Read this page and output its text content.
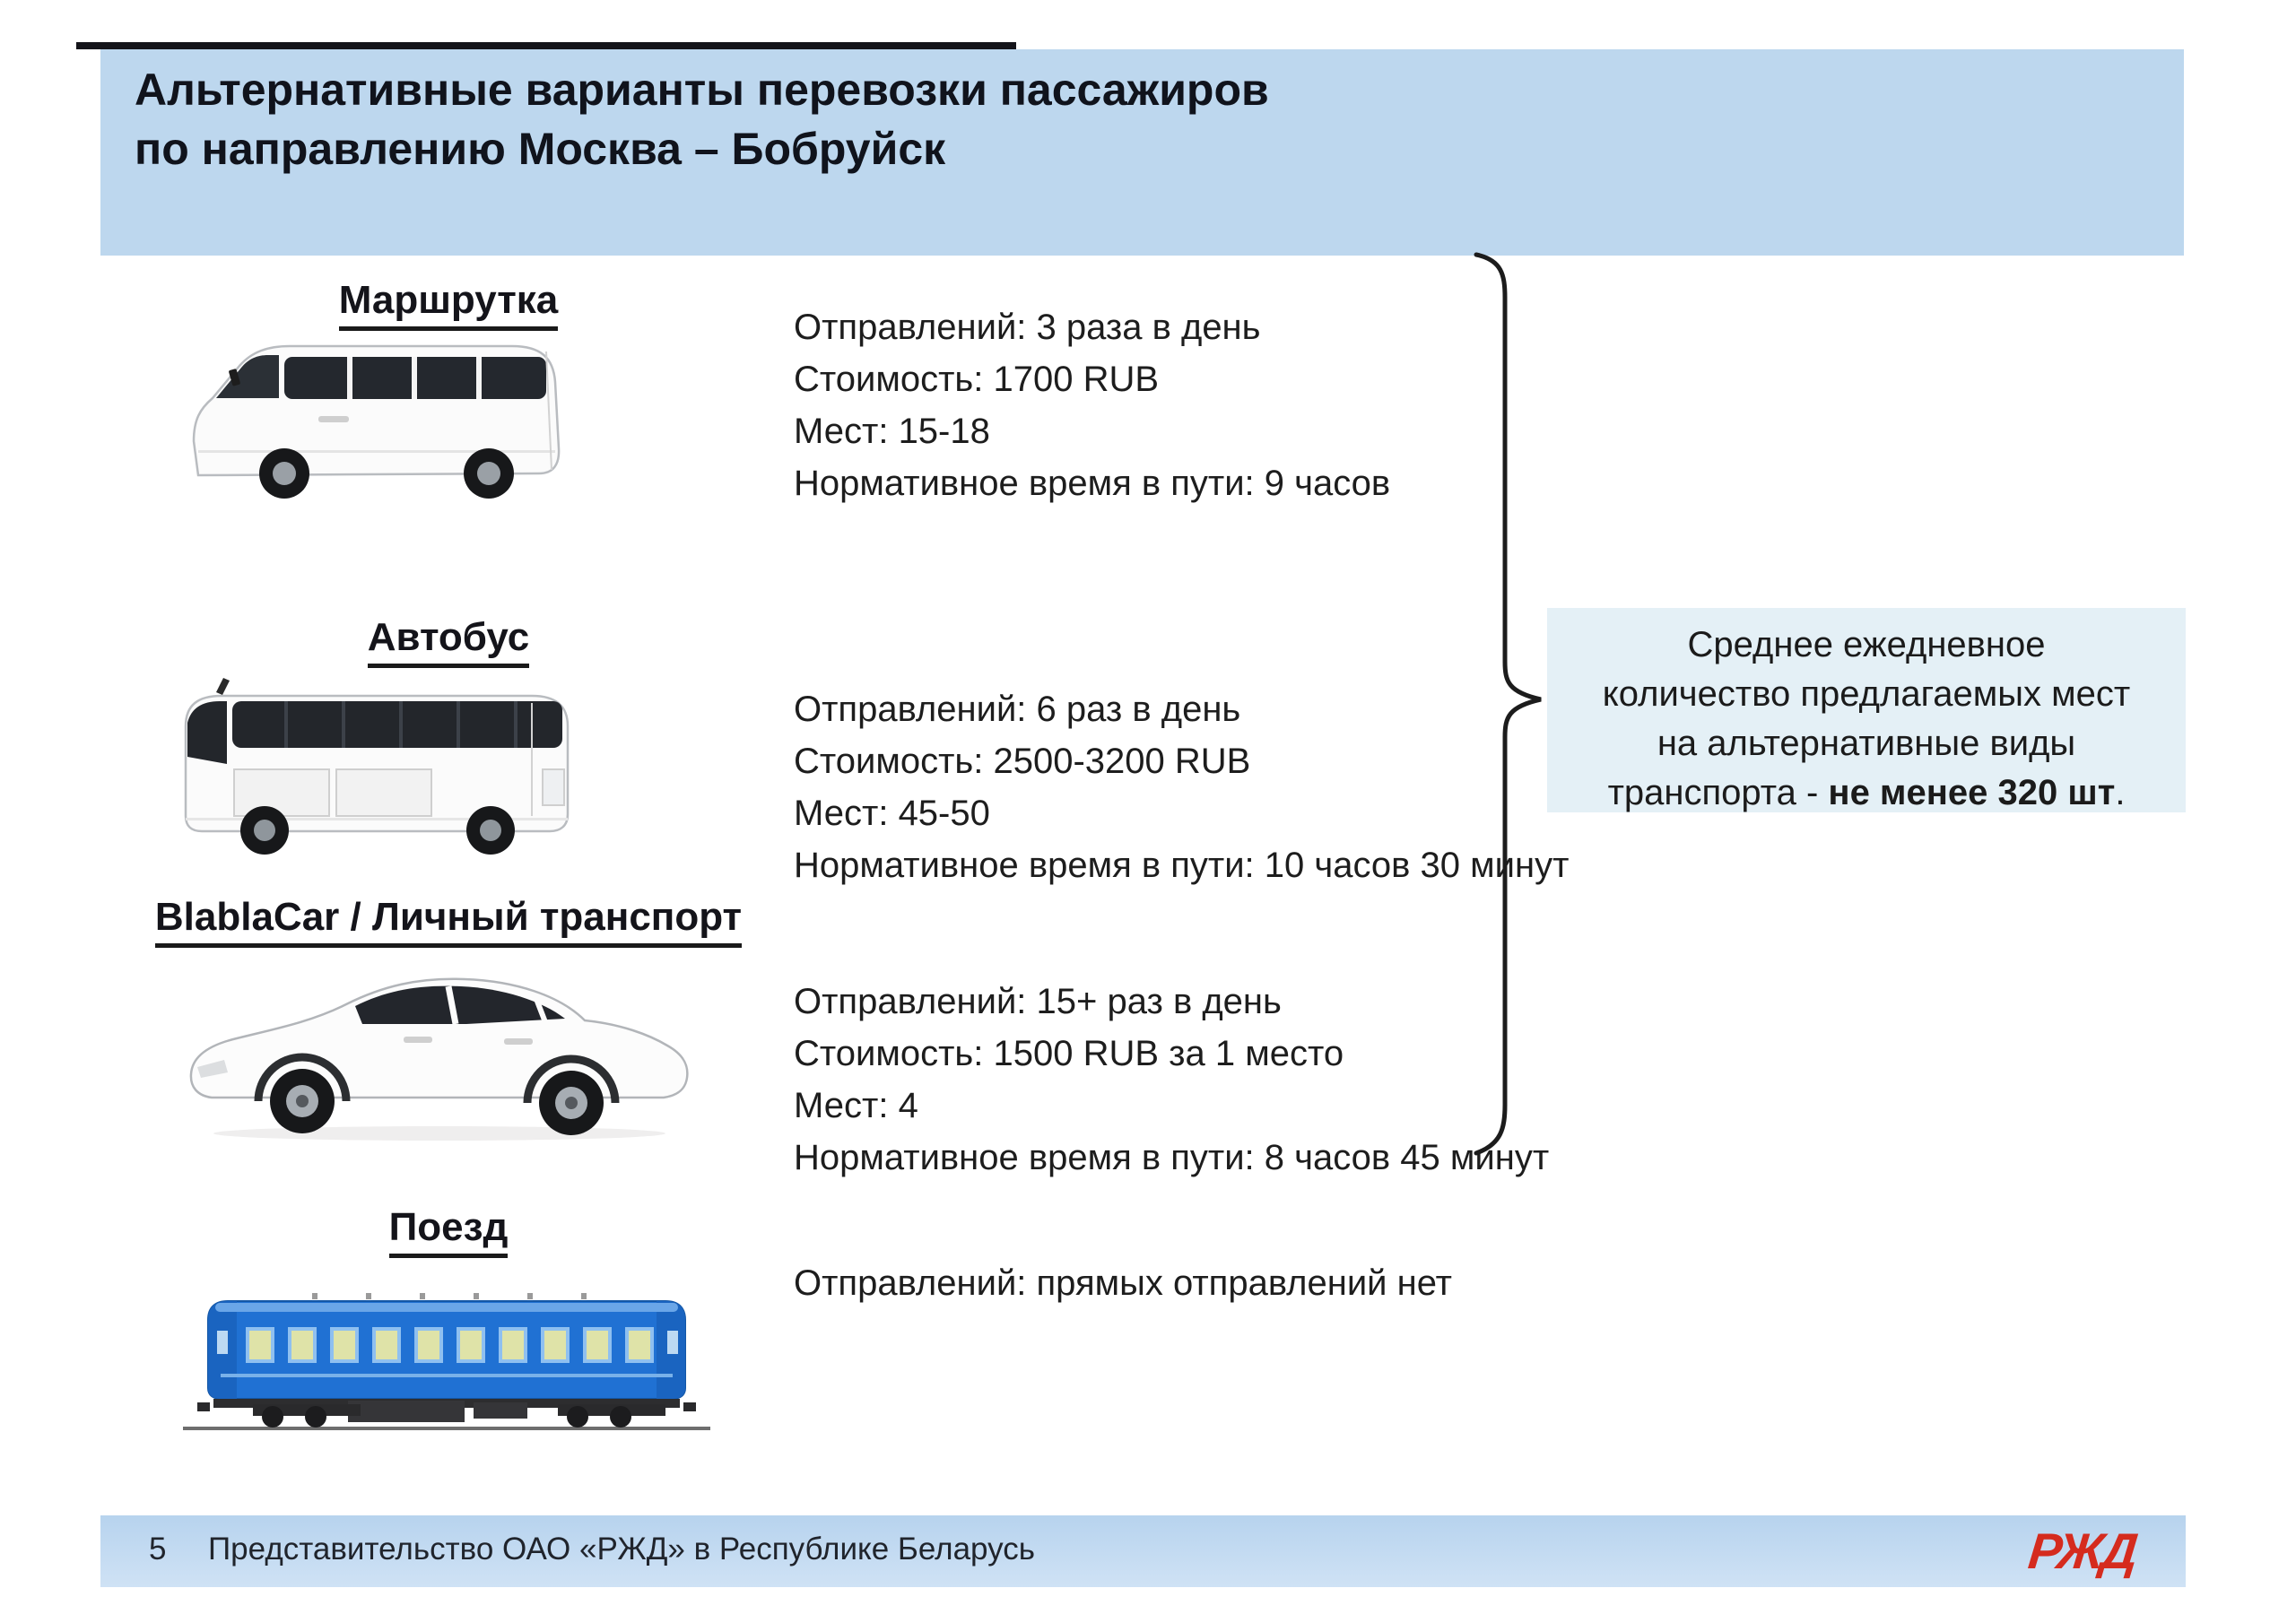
Альтернативные варианты перевозки пассажиров
по направлению Москва – Бобруйск
Маршрутка
Отправлений: 3 раза в день
Стоимость: 1700 RUB
Мест: 15-18
Нормативное время в пути: 9 часов
Автобус
Отправлений: 6 раз в день
Стоимость: 2500-3200 RUB
Мест: 45-50
Нормативное время в пути: 10 часов 30 минут
BlablaCar / Личный транспорт
Отправлений: 15+ раз в день
Стоимость: 1500 RUB за 1 место
Мест: 4
Нормативное время в пути: 8 часов 45 минут
Поезд
Отправлений: прямых отправлений нет
Среднее ежедневное
количество предлагаемых мест
на альтернативные виды
транспорта - не менее 320 шт.
5 Представительство ОАО «РЖД» в Республике Беларусь	РЖД
